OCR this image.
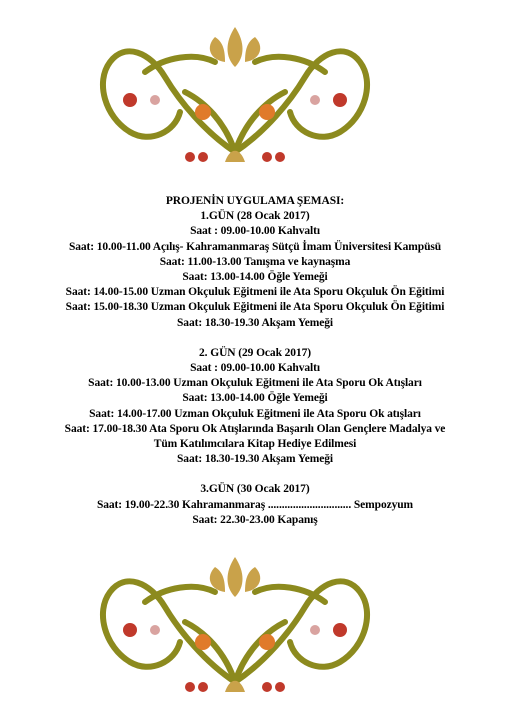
PROJENİN UYGULAMA ŞEMASI:
1.GÜN (28 Ocak 2017)
Saat : 09.00-10.00 Kahvaltı
Saat: 10.00-11.00 Açılış- Kahramanmaraş Sütçü İmam Üniversitesi Kampüsü
Saat: 11.00-13.00 Tanışma ve kaynaşma
Saat: 13.00-14.00 Öğle Yemeği
Saat: 14.00-15.00 Uzman Okçuluk Eğitmeni ile Ata Sporu Okçuluk Ön Eğitimi
Saat: 15.00-18.30 Uzman Okçuluk Eğitmeni ile Ata Sporu Okçuluk Ön Eğitimi
Saat: 18.30-19.30 Akşam Yemeği
2. GÜN (29 Ocak 2017)
Saat : 09.00-10.00 Kahvaltı
Saat: 10.00-13.00 Uzman Okçuluk Eğitmeni ile Ata Sporu Ok Atışları
Saat: 13.00-14.00 Öğle Yemeği
Saat: 14.00-17.00 Uzman Okçuluk Eğitmeni ile Ata Sporu Ok atışları
Saat: 17.00-18.30 Ata Sporu Ok Atışlarında Başarılı Olan Gençlere Madalya ve
Tüm Katılımcılara Kitap Hediye Edilmesi
Saat: 18.30-19.30 Akşam Yemeği
3.GÜN (30 Ocak 2017)
Saat: 19.00-22.30 Kahramanmaraş .............................. Sempozyum
Saat: 22.30-23.00 Kapanış
